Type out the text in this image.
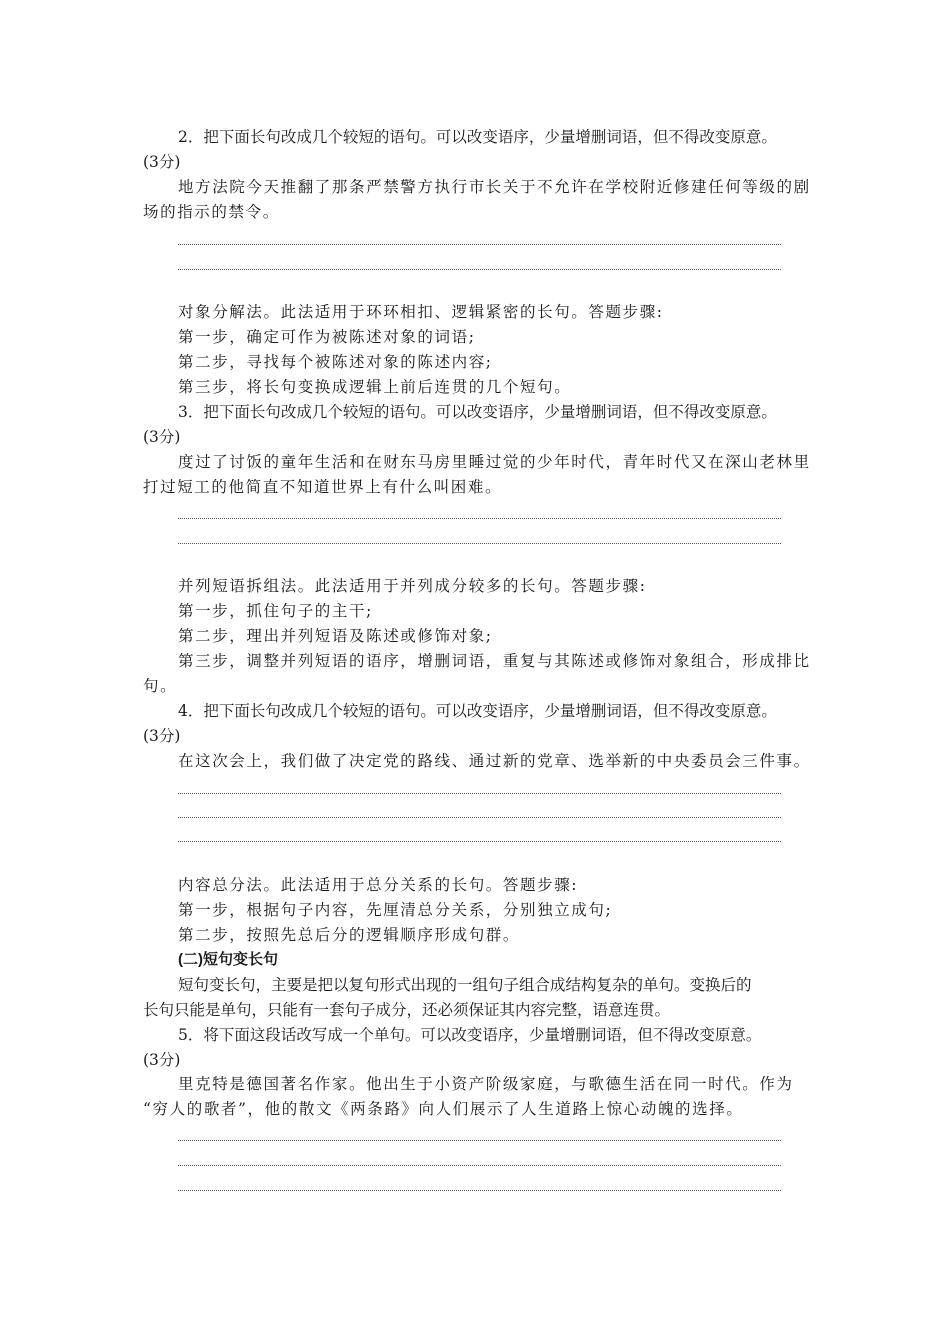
2．把下面长句改成几个较短的语句。可以改变语序，少量增删词语，但不得改变原意。
(3分)
地方法院今天推翻了那条严禁警方执行市长关于不允许在学校附近修建任何等级的剧
场的指示的禁令。
对象分解法。此法适用于环环相扣、逻辑紧密的长句。答题步骤:
第一步，确定可作为被陈述对象的词语;
第二步，寻找每个被陈述对象的陈述内容;
第三步，将长句变换成逻辑上前后连贯的几个短句。
3．把下面长句改成几个较短的语句。可以改变语序，少量增删词语，但不得改变原意。
(3分)
度过了讨饭的童年生活和在财东马房里睡过觉的少年时代，青年时代又在深山老林里
打过短工的他简直不知道世界上有什么叫困难。
并列短语拆组法。此法适用于并列成分较多的长句。答题步骤:
第一步，抓住句子的主干;
第二步，理出并列短语及陈述或修饰对象;
第三步，调整并列短语的语序，增删词语，重复与其陈述或修饰对象组合，形成排比
句。
4．把下面长句改成几个较短的语句。可以改变语序，少量增删词语，但不得改变原意。
(3分)
在这次会上，我们做了决定党的路线、通过新的党章、选举新的中央委员会三件事。
内容总分法。此法适用于总分关系的长句。答题步骤:
第一步，根据句子内容，先厘清总分关系，分别独立成句;
第二步，按照先总后分的逻辑顺序形成句群。
(二)短句变长句
短句变长句，主要是把以复句形式出现的一组句子组合成结构复杂的单句。变换后的
长句只能是单句，只能有一套句子成分，还必须保证其内容完整，语意连贯。
5．将下面这段话改写成一个单句。可以改变语序，少量增删词语，但不得改变原意。
(3分)
里克特是德国著名作家。他出生于小资产阶级家庭，与歌德生活在同一时代。作为
“穷人的歌者”，他的散文《两条路》向人们展示了人生道路上惊心动魄的选择。
